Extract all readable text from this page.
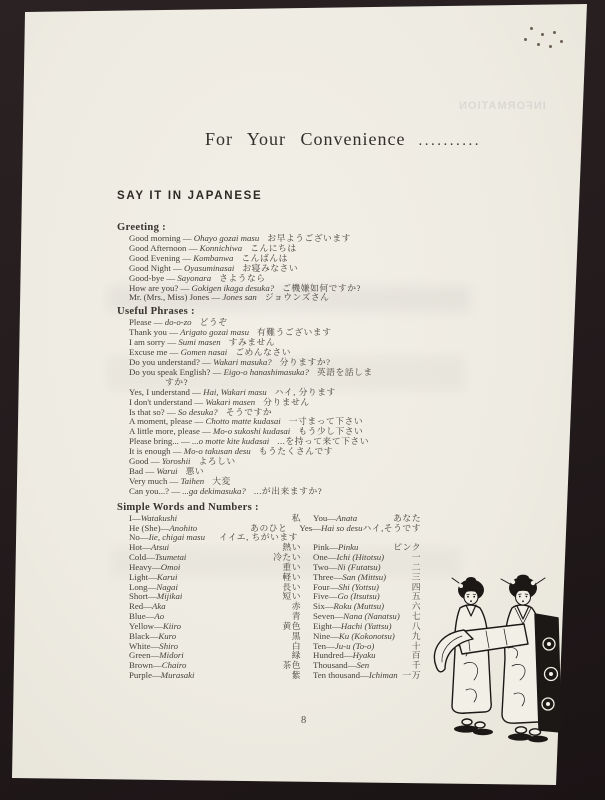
INFORMATION
For Your Convenience ..........
SAY IT IN JAPANESE
Greeting :
Good morning — Ohayo gozai masu お早ようございます
Good Afternoon — Konnichiwa こんにちは
Good Evening — Kombanwa こんばんは
Good Night — Oyasuminasai お寝みなさい
Good-bye — Sayonara さようなら
How are you? — Gokigen ikaga desuka? ご機嫌如何ですか?
Mr. (Mrs., Miss) Jones — Jones san ジョウンズさん
Useful Phrases :
Please — do-o-zo どうぞ
Thank you — Arigato gozai masu 有難うございます
I am sorry — Sumi masen すみません
Excuse me — Gomen nasai ごめんなさい
Do you understand? — Wakari masuka? 分りますか?
Do you speak English? — Eigo-o hanashimasuka? 英語を話しま
すか?
Yes, I understand — Hai, Wakari masu ハイ, 分ります
I don't understand — Wakari masen 分りません
Is that so? — So desuka? そうですか
A moment, please — Chotto matte kudasai 一寸まって下さい
A little more, please — Mo-o sukoshi kudasai もう少し下さい
Please bring... — ...o motte kite kudasai ...を持って来て下さい
It is enough — Mo-o takusan desu もうたくさんです
Good — Yoroshii よろしい
Bad — Warui 悪い
Very much — Taihen 大変
Can you...? — ...ga dekimasuka? ...が出来ますか?
Simple Words and Numbers :
I — Watakushi	私 You — Anata	あなた
He (She) — Anohito	あのひと Yes — Hai so desu ハイ,そうです
No — Iie, chigai masu イイエ, ちがいます
Hot — Atsui	熱い Pink — Pinku	ピンク
Cold — Tsumetai	冷たい One — Ichi (Hitotsu)	一
Heavy — Omoi	重い Two — Ni (Futatsu)	二
Light — Karui	軽い Three — San (Mittsu)	三
Long — Nagai	長い Four — Shi (Yottsu)	四
Short — Mijikai	短い Five — Go (Itsutsu)	五
Red — Aka	赤 Six — Roku (Muttsu)	六
Blue — Ao	青 Seven — Nana (Nanatsu) 七
Yellow — Kiiro	黄色 Eight — Hachi (Yattsu) 八
Black — Kuro	黒 Nine — Ku (Kokonotsu) 九
White — Shiro	白 Ten — Ju-u (To-o)	十
Green — Midori	緑 Hundred — Hyaku	百
Brown — Chairo	茶色 Thousand — Sen	千
Purple — Murasaki	紫 Ten thousand — Ichiman 一万
8
